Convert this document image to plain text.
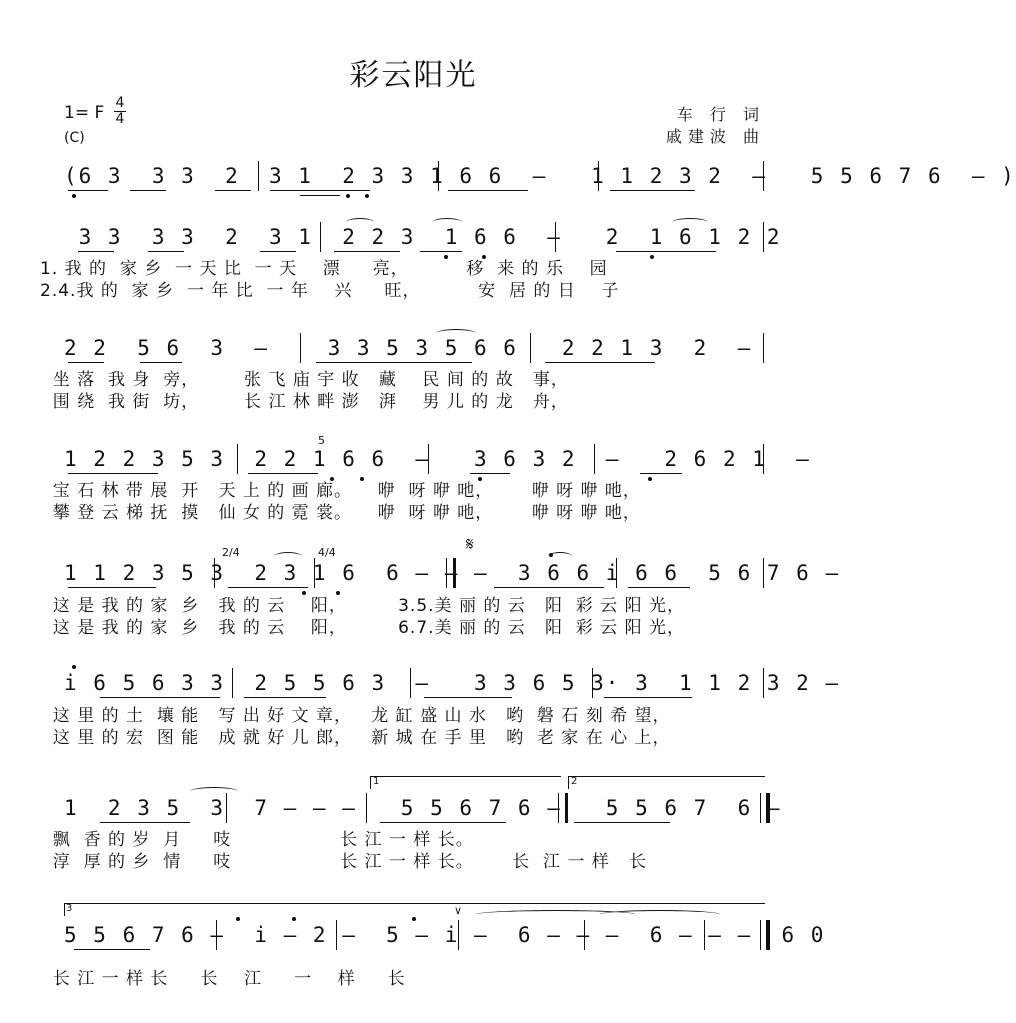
彩云阳光
1= F 4
4
(C)
车 行 词
戚建波 曲
(6 3  3 3  2  3 1  2 3 3 1 6 6  –   1 1 2 3 2  –   5 5 6 7 6  – )
3 3  3 3  2  3 1  2 2 3  1 6 6  –   2  1 6 1 2 2
2 2  5 6  3  –    3 3 5 3 5 6 6   2 2 1 3  2  –
1 2 2 3 5 3  2 2 1 6 6  –   3 6 3 2  –   2 6 2 1  –
1 1 2 3 5 3  2 3 1 6  6 – – –  3 6 6 i 6 6  5 6 7 6 –
i 6 5 6 3 3  2 5 5 6 3  –   3 3 6 5 3· 3  1 1 2 3 2 –
1  2 3 5  3  7 – – –   5 5 6 7 6 –   5 5 6 7  6 –
5 5 6 7 6 –  i – 2 –  5 – i –  6 – – –  6 – – –  6 0
1. 我 的  家 乡  一 天 比  一 天    漂     亮，         移  来 的 乐    园
2.4.我 的  家 乡  一 年 比  一 年    兴     旺，         安  居 的 日    子
坐 落  我 身  旁，       张 飞 庙 宇 收   藏    民 间 的 故   事，
围 绕  我 街  坊，       长 江 林 畔 澎   湃    男 儿 的 龙   舟，
宝 石 林 带 展  开   天 上 的 画 廊。    咿  呀 咿 吔，      咿 呀 咿 吔，
攀 登 云 梯 抚  摸   仙 女 的 霓 裳。    咿  呀 咿 吔，      咿 呀 咿 吔，
这 是 我 的 家  乡   我 的 云    阳，        3.5.美 丽 的 云   阳  彩 云 阳 光，
这 是 我 的 家  乡   我 的 云    阳，        6.7.美 丽 的 云   阳  彩 云 阳 光，
这 里 的 土  壤 能   写 出 好 文 章，   龙 缸 盛 山 水   哟  磐 石 刻 希 望，
这 里 的 宏  图 能   成 就 好 儿 郎，   新 城 在 手 里   哟  老 家 在 心 上，
飘  香 的 岁  月     吱                 长 江 一 样 长。
淳  厚 的 乡  情     吱                 长 江 一 样 长。      长  江 一 样   长
长 江 一 样 长     长    江     一    样     长
5
2/4	4/4	𝄋
∨
1	2
3
